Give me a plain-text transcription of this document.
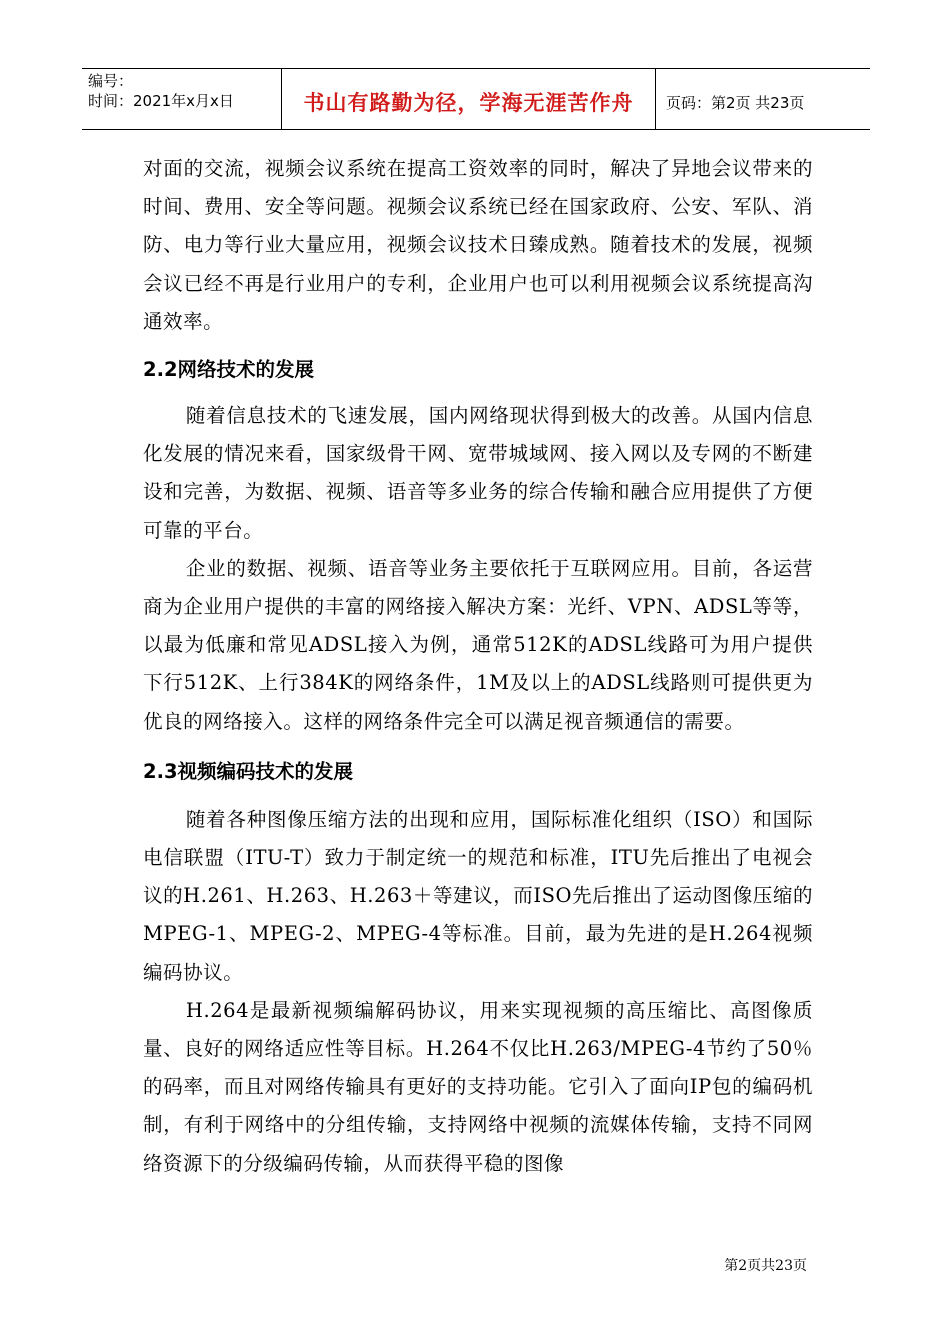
编号：
时间：2021年x月x日	书山有路勤为径，学海无涯苦作舟	页码：第2页 共23页

对面的交流，视频会议系统在提高工资效率的同时，解决了异地会议带来的时间、费用、安全等问题。视频会议系统已经在国家政府、公安、军队、消防、电力等行业大量应用，视频会议技术日臻成熟。随着技术的发展，视频会议已经不再是行业用户的专利，企业用户也可以利用视频会议系统提高沟通效率。

2.2网络技术的发展

随着信息技术的飞速发展，国内网络现状得到极大的改善。从国内信息化发展的情况来看，国家级骨干网、宽带城域网、接入网以及专网的不断建设和完善，为数据、视频、语音等多业务的综合传输和融合应用提供了方便可靠的平台。

企业的数据、视频、语音等业务主要依托于互联网应用。目前，各运营商为企业用户提供的丰富的网络接入解决方案：光纤、VPN、ADSL等等，以最为低廉和常见ADSL接入为例，通常512K的ADSL线路可为用户提供下行512K、上行384K的网络条件，1M及以上的ADSL线路则可提供更为优良的网络接入。这样的网络条件完全可以满足视音频通信的需要。

2.3视频编码技术的发展

随着各种图像压缩方法的出现和应用，国际标准化组织（ISO）和国际电信联盟（ITU-T）致力于制定统一的规范和标准，ITU先后推出了电视会议的H.261、H.263、H.263＋等建议，而ISO先后推出了运动图像压缩的MPEG-1、MPEG-2、MPEG-4等标准。目前，最为先进的是H.264视频编码协议。

H.264是最新视频编解码协议，用来实现视频的高压缩比、高图像质量、良好的网络适应性等目标。H.264不仅比H.263/MPEG-4节约了50％的码率，而且对网络传输具有更好的支持功能。它引入了面向IP包的编码机制，有利于网络中的分组传输，支持网络中视频的流媒体传输，支持不同网络资源下的分级编码传输，从而获得平稳的图像

第2页共23页
